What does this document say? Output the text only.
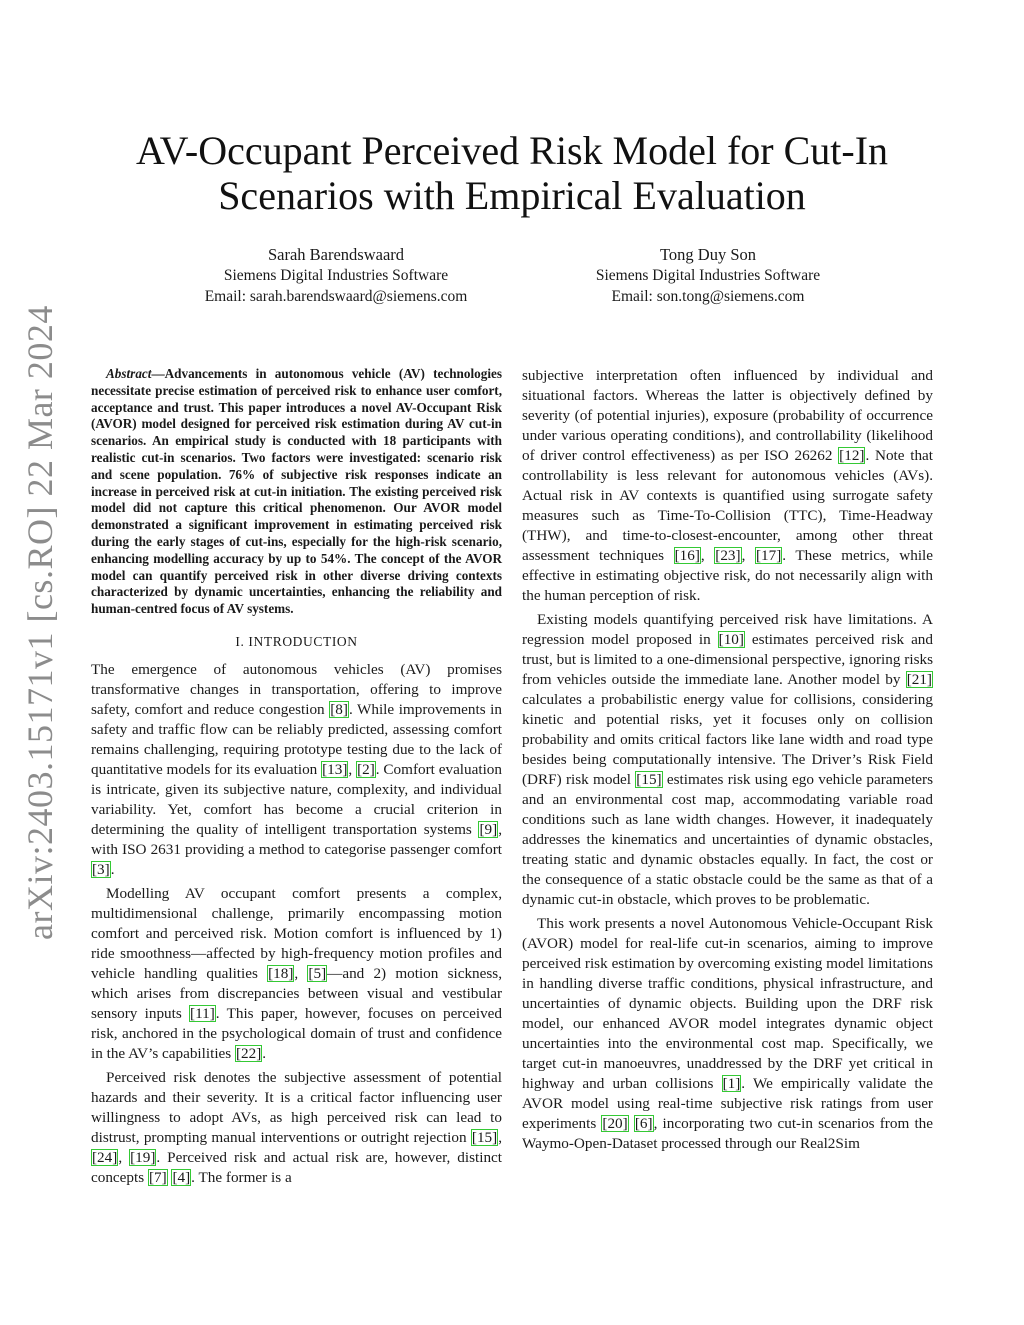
arXiv:2403.15171v1 [cs.RO] 22 Mar 2024
AV-Occupant Perceived Risk Model for Cut-In Scenarios with Empirical Evaluation
Sarah Barendswaard
Siemens Digital Industries Software
Email: sarah.barendswaard@siemens.com
Tong Duy Son
Siemens Digital Industries Software
Email: son.tong@siemens.com

Abstract—Advancements in autonomous vehicle (AV) technologies necessitate precise estimation of perceived risk to enhance user comfort, acceptance and trust. This paper introduces a novel AV-Occupant Risk (AVOR) model designed for perceived risk estimation during AV cut-in scenarios. An empirical study is conducted with 18 participants with realistic cut-in scenarios. Two factors were investigated: scenario risk and scene population. 76% of subjective risk responses indicate an increase in perceived risk at cut-in initiation. The existing perceived risk model did not capture this critical phenomenon. Our AVOR model demonstrated a significant improvement in estimating perceived risk during the early stages of cut-ins, especially for the high-risk scenario, enhancing modelling accuracy by up to 54%. The concept of the AVOR model can quantify perceived risk in other diverse driving contexts characterized by dynamic uncertainties, enhancing the reliability and human-centred focus of AV systems.

I. INTRODUCTION

The emergence of autonomous vehicles (AV) promises transformative changes in transportation, offering to improve safety, comfort and reduce congestion [8]. While improvements in safety and traffic flow can be reliably predicted, assessing comfort remains challenging, requiring prototype testing due to the lack of quantitative models for its evaluation [13], [2]. Comfort evaluation is intricate, given its subjective nature, complexity, and individual variability. Yet, comfort has become a crucial criterion in determining the quality of intelligent transportation systems [9], with ISO 2631 providing a method to categorise passenger comfort [3].

Modelling AV occupant comfort presents a complex, multidimensional challenge, primarily encompassing motion comfort and perceived risk. Motion comfort is influenced by 1) ride smoothness—affected by high-frequency motion profiles and vehicle handling qualities [18], [5]—and 2) motion sickness, which arises from discrepancies between visual and vestibular sensory inputs [11]. This paper, however, focuses on perceived risk, anchored in the psychological domain of trust and confidence in the AV’s capabilities [22].

Perceived risk denotes the subjective assessment of potential hazards and their severity. It is a critical factor influencing user willingness to adopt AVs, as high perceived risk can lead to distrust, prompting manual interventions or outright rejection [15], [24], [19]. Perceived risk and actual risk are, however, distinct concepts [7] [4]. The former is a

subjective interpretation often influenced by individual and situational factors. Whereas the latter is objectively defined by severity (of potential injuries), exposure (probability of occurrence under various operating conditions), and controllability (likelihood of driver control effectiveness) as per ISO 26262 [12]. Note that controllability is less relevant for autonomous vehicles (AVs). Actual risk in AV contexts is quantified using surrogate safety measures such as Time-To-Collision (TTC), Time-Headway (THW), and time-to-closest-encounter, among other threat assessment techniques [16], [23], [17]. These metrics, while effective in estimating objective risk, do not necessarily align with the human perception of risk.

Existing models quantifying perceived risk have limitations. A regression model proposed in [10] estimates perceived risk and trust, but is limited to a one-dimensional perspective, ignoring risks from vehicles outside the immediate lane. Another model by [21] calculates a probabilistic energy value for collisions, considering kinetic and potential risks, yet it focuses only on collision probability and omits critical factors like lane width and road type besides being computationally intensive. The Driver’s Risk Field (DRF) risk model [15] estimates risk using ego vehicle parameters and an environmental cost map, accommodating variable road conditions such as lane width changes. However, it inadequately addresses the kinematics and uncertainties of dynamic obstacles, treating static and dynamic obstacles equally. In fact, the cost or the consequence of a static obstacle could be the same as that of a dynamic cut-in obstacle, which proves to be problematic.

This work presents a novel Autonomous Vehicle-Occupant Risk (AVOR) model for real-life cut-in scenarios, aiming to improve perceived risk estimation by overcoming existing model limitations in handling diverse traffic conditions, physical infrastructure, and uncertainties of dynamic objects. Building upon the DRF risk model, our enhanced AVOR model integrates dynamic object uncertainties into the environmental cost map. Specifically, we target cut-in manoeuvres, unaddressed by the DRF yet critical in highway and urban collisions [1]. We empirically validate the AVOR model using real-time subjective risk ratings from user experiments [20] [6], incorporating two cut-in scenarios from the Waymo-Open-Dataset processed through our Real2Sim
